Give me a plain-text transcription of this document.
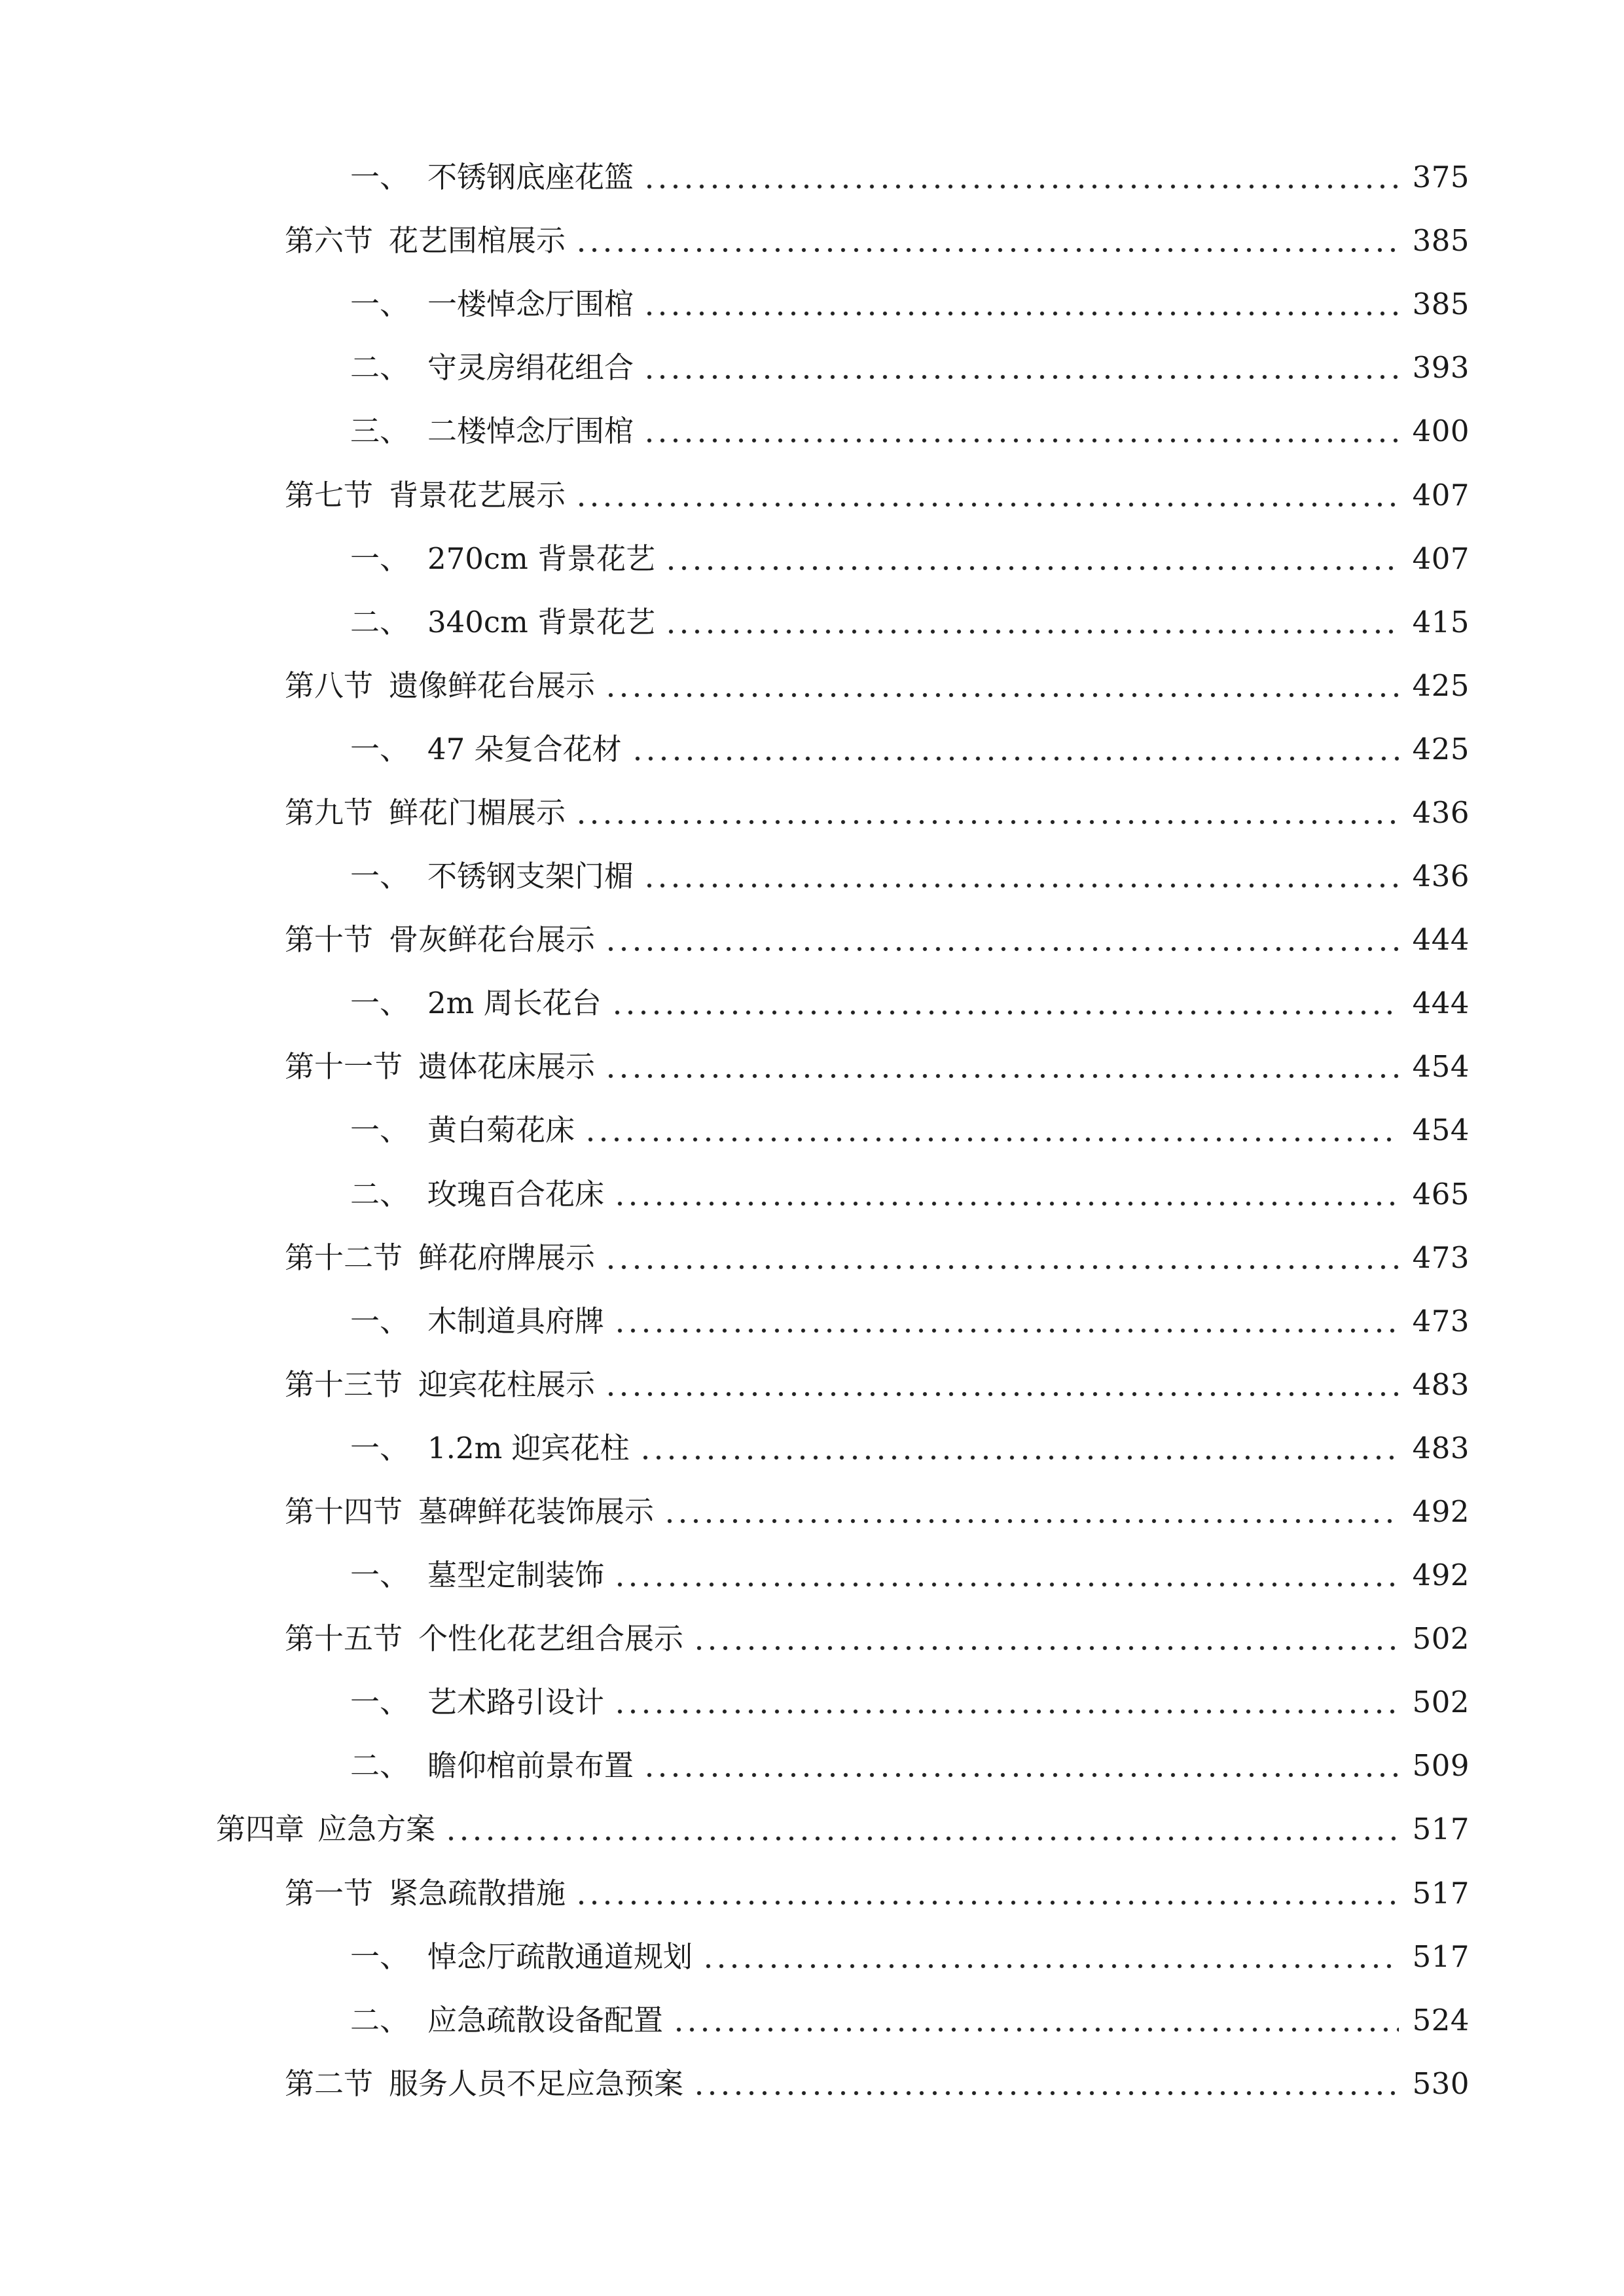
一、 不锈钢底座花篮	375
第六节 花艺围棺展示	385
一、 一楼悼念厅围棺	385
二、 守灵房绢花组合	393
三、 二楼悼念厅围棺	400
第七节 背景花艺展示	407
一、 270cm 背景花艺	407
二、 340cm 背景花艺	415
第八节 遗像鲜花台展示	425
一、 47 朵复合花材	425
第九节 鲜花门楣展示	436
一、 不锈钢支架门楣	436
第十节 骨灰鲜花台展示	444
一、 2m 周长花台	444
第十一节 遗体花床展示	454
一、 黄白菊花床	454
二、 玫瑰百合花床	465
第十二节 鲜花府牌展示	473
一、 木制道具府牌	473
第十三节 迎宾花柱展示	483
一、 1.2m 迎宾花柱	483
第十四节 墓碑鲜花装饰展示	492
一、 墓型定制装饰	492
第十五节 个性化花艺组合展示	502
一、 艺术路引设计	502
二、 瞻仰棺前景布置	509
第四章 应急方案	517
第一节 紧急疏散措施	517
一、 悼念厅疏散通道规划	517
二、 应急疏散设备配置	524
第二节 服务人员不足应急预案	530
